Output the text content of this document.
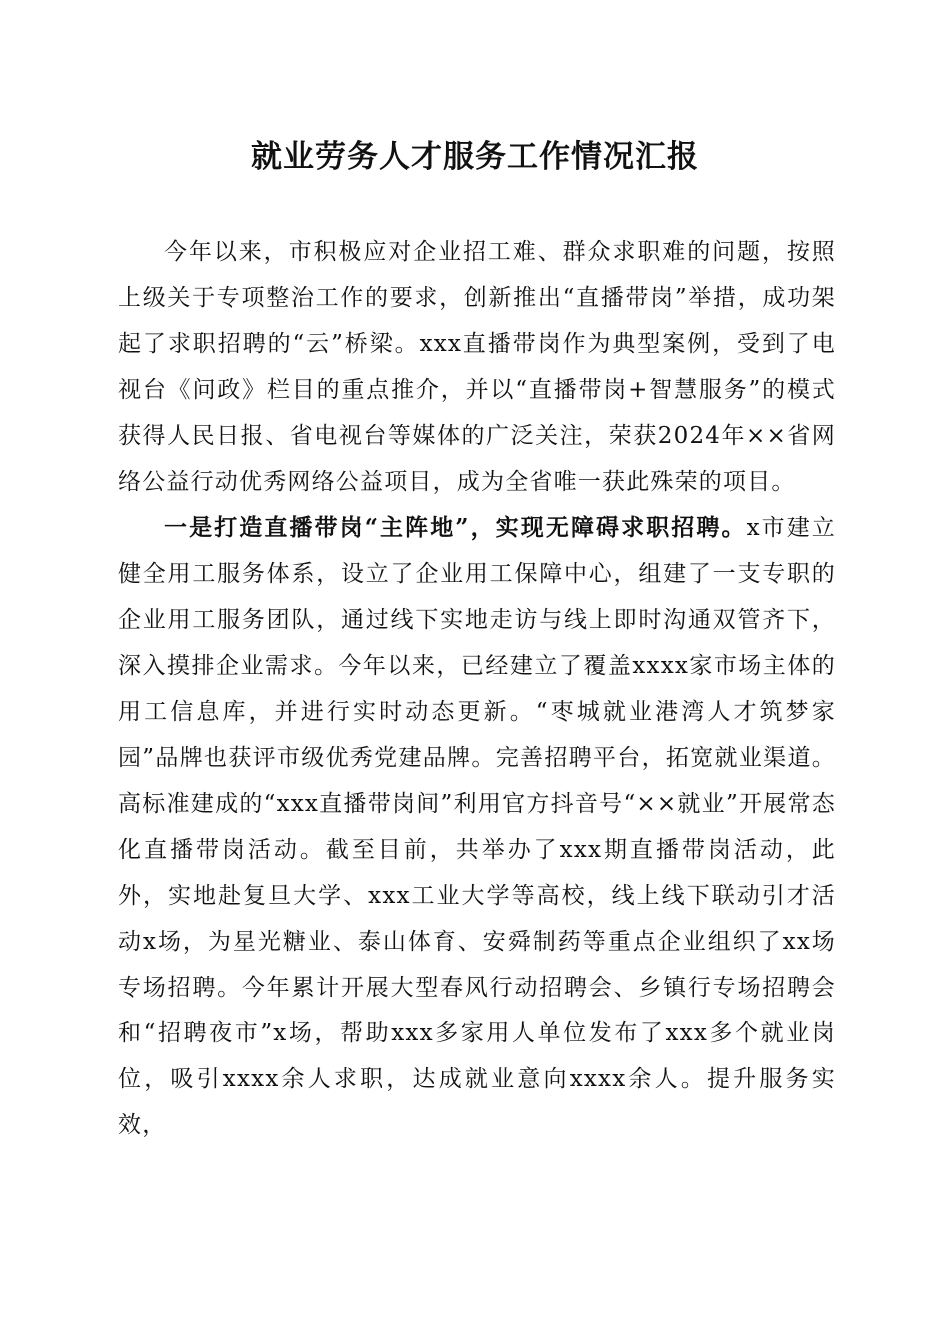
就业劳务人才服务工作情况汇报

今年以来，市积极应对企业招工难、群众求职难的问题，按照上级关于专项整治工作的要求，创新推出“直播带岗”举措，成功架起了求职招聘的“云”桥梁。xxx直播带岗作为典型案例，受到了电视台《问政》栏目的重点推介，并以“直播带岗+智慧服务”的模式获得人民日报、省电视台等媒体的广泛关注，荣获2024年××省网络公益行动优秀网络公益项目，成为全省唯一获此殊荣的项目。

一是打造直播带岗“主阵地”，实现无障碍求职招聘。x市建立健全用工服务体系，设立了企业用工保障中心，组建了一支专职的企业用工服务团队，通过线下实地走访与线上即时沟通双管齐下，深入摸排企业需求。今年以来，已经建立了覆盖xxxx家市场主体的用工信息库，并进行实时动态更新。“枣城就业港湾人才筑梦家园”品牌也获评市级优秀党建品牌。完善招聘平台，拓宽就业渠道。高标准建成的“xxx直播带岗间”利用官方抖音号“××就业”开展常态化直播带岗活动。截至目前，共举办了xxx期直播带岗活动，此外，实地赴复旦大学、xxx工业大学等高校，线上线下联动引才活动x场，为星光糖业、泰山体育、安舜制药等重点企业组织了xx场专场招聘。今年累计开展大型春风行动招聘会、乡镇行专场招聘会和“招聘夜市”x场，帮助xxx多家用人单位发布了xxx多个就业岗位，吸引xxxx余人求职，达成就业意向xxxx余人。提升服务实效，
